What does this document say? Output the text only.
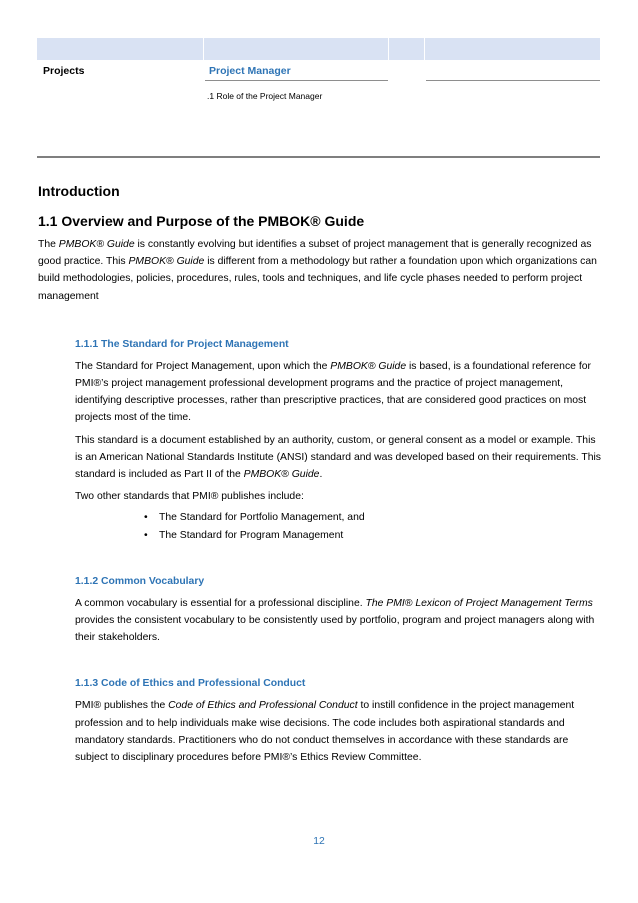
Projects	Project Manager
.1 Role of the Project Manager
Introduction
1.1 Overview and Purpose of the PMBOK® Guide

The PMBOK® Guide is constantly evolving but identifies a subset of project management that is generally recognized as good practice. This PMBOK® Guide is different from a methodology but rather a foundation upon which organizations can build methodologies, policies, procedures, rules, tools and techniques, and life cycle phases needed to perform project management

1.1.1 The Standard for Project Management

The Standard for Project Management, upon which the PMBOK® Guide is based, is a foundational reference for PMI®’s project management professional development programs and the practice of project management, identifying descriptive processes, rather than prescriptive practices, that are considered good practices on most projects most of the time.

This standard is a document established by an authority, custom, or general consent as a model or example. This is an American National Standards Institute (ANSI) standard and was developed based on their requirements. This standard is included as Part II of the PMBOK® Guide.

Two other standards that PMI® publishes include:

• The Standard for Portfolio Management, and
• The Standard for Program Management
1.1.2 Common Vocabulary

A common vocabulary is essential for a professional discipline. The PMI® Lexicon of Project Management Terms provides the consistent vocabulary to be consistently used by portfolio, program and project managers along with their stakeholders.

1.1.3 Code of Ethics and Professional Conduct

PMI® publishes the Code of Ethics and Professional Conduct to instill confidence in the project management profession and to help individuals make wise decisions. The code includes both aspirational standards and mandatory standards. Practitioners who do not conduct themselves in accordance with these standards are subject to disciplinary procedures before PMI®’s Ethics Review Committee.

12
